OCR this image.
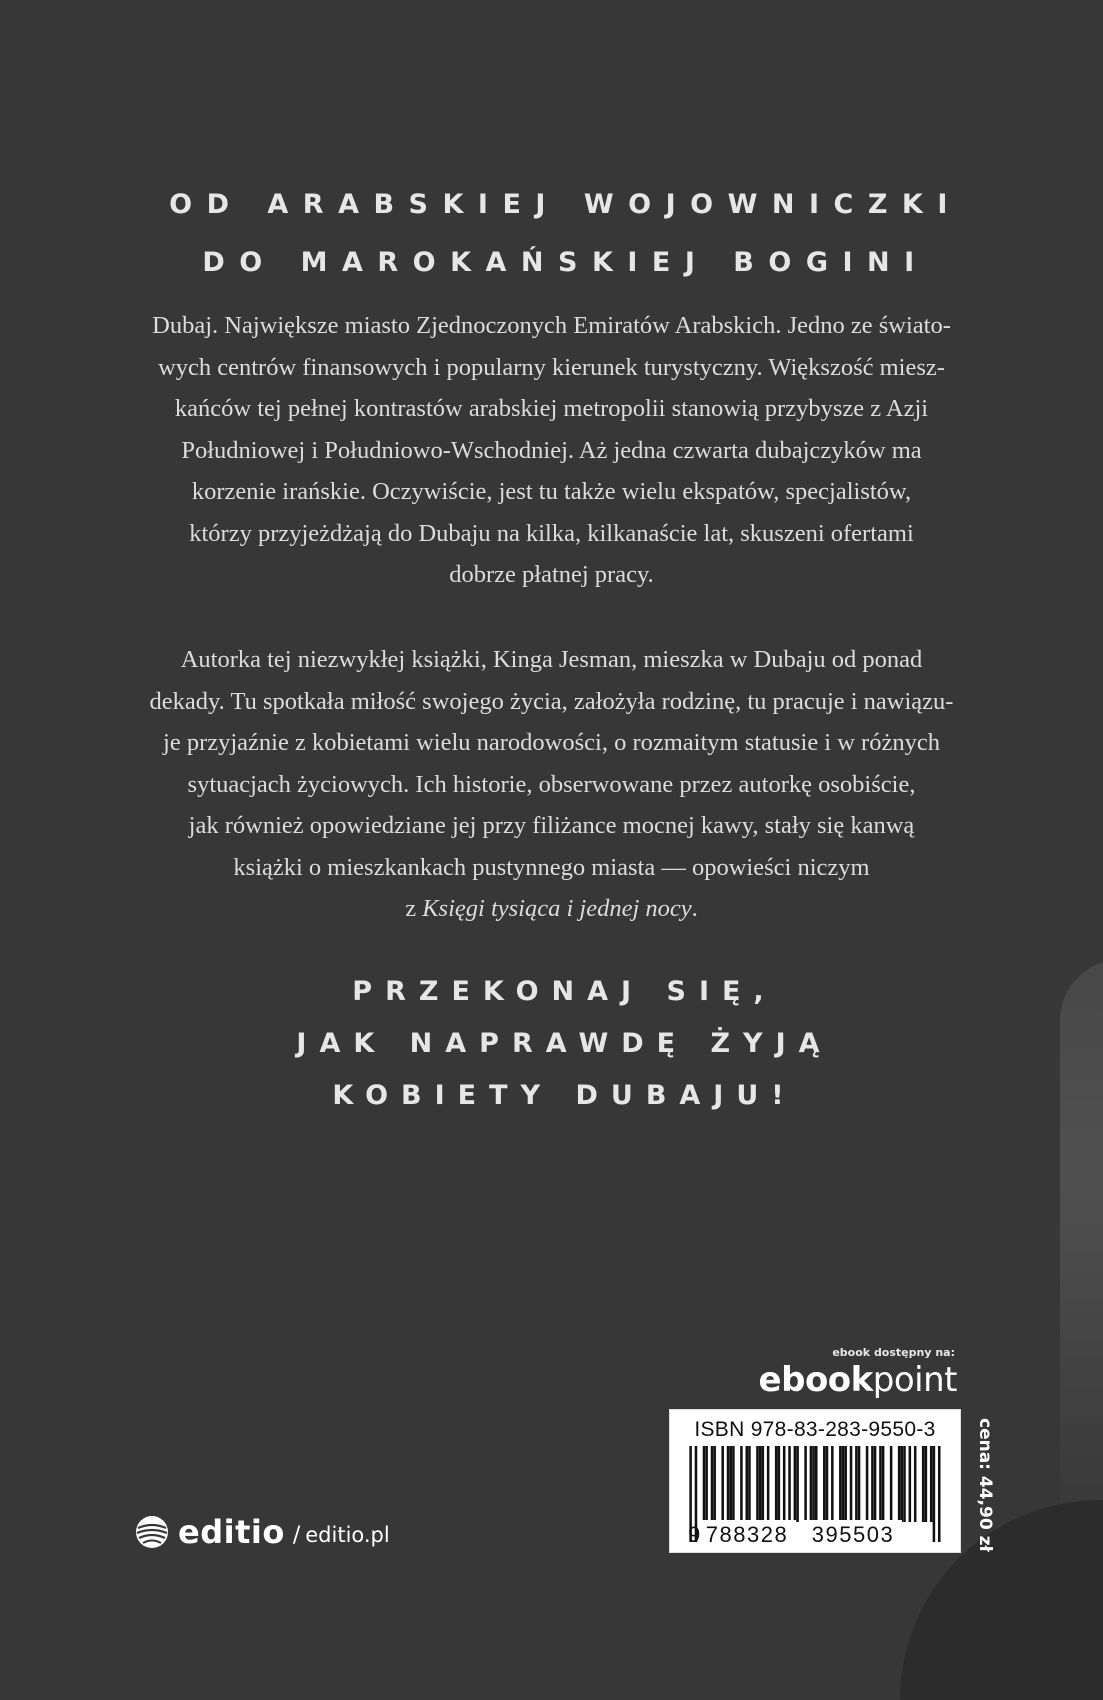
OD ARABSKIEJ WOJOWNICZKI
DO MAROKAŃSKIEJ BOGINI
Dubaj. Największe miasto Zjednoczonych Emiratów Arabskich. Jedno ze świato-
wych centrów finansowych i popularny kierunek turystyczny. Większość miesz-
kańców tej pełnej kontrastów arabskiej metropolii stanowią przybysze z Azji
Południowej i Południowo-Wschodniej. Aż jedna czwarta dubajczyków ma
korzenie irańskie. Oczywiście, jest tu także wielu ekspatów, specjalistów,
którzy przyjeżdżają do Dubaju na kilka, kilkanaście lat, skuszeni ofertami
dobrze płatnej pracy.
Autorka tej niezwykłej książki, Kinga Jesman, mieszka w Dubaju od ponad
dekady. Tu spotkała miłość swojego życia, założyła rodzinę, tu pracuje i nawiązu-
je przyjaźnie z kobietami wielu narodowości, o rozmaitym statusie i w różnych
sytuacjach życiowych. Ich historie, obserwowane przez autorkę osobiście,
jak również opowiedziane jej przy filiżance mocnej kawy, stały się kanwą
książki o mieszkankach pustynnego miasta — opowieści niczym
z Księgi tysiąca i jednej nocy.
PRZEKONAJ SIĘ,
JAK NAPRAWDĘ ŻYJĄ
KOBIETY DUBAJU!
editio / editio.pl
ebook dostępny na:
ebookpoint
ISBN 978-83-283-9550-3
9 788328 395503	cena: 44,90 zł
